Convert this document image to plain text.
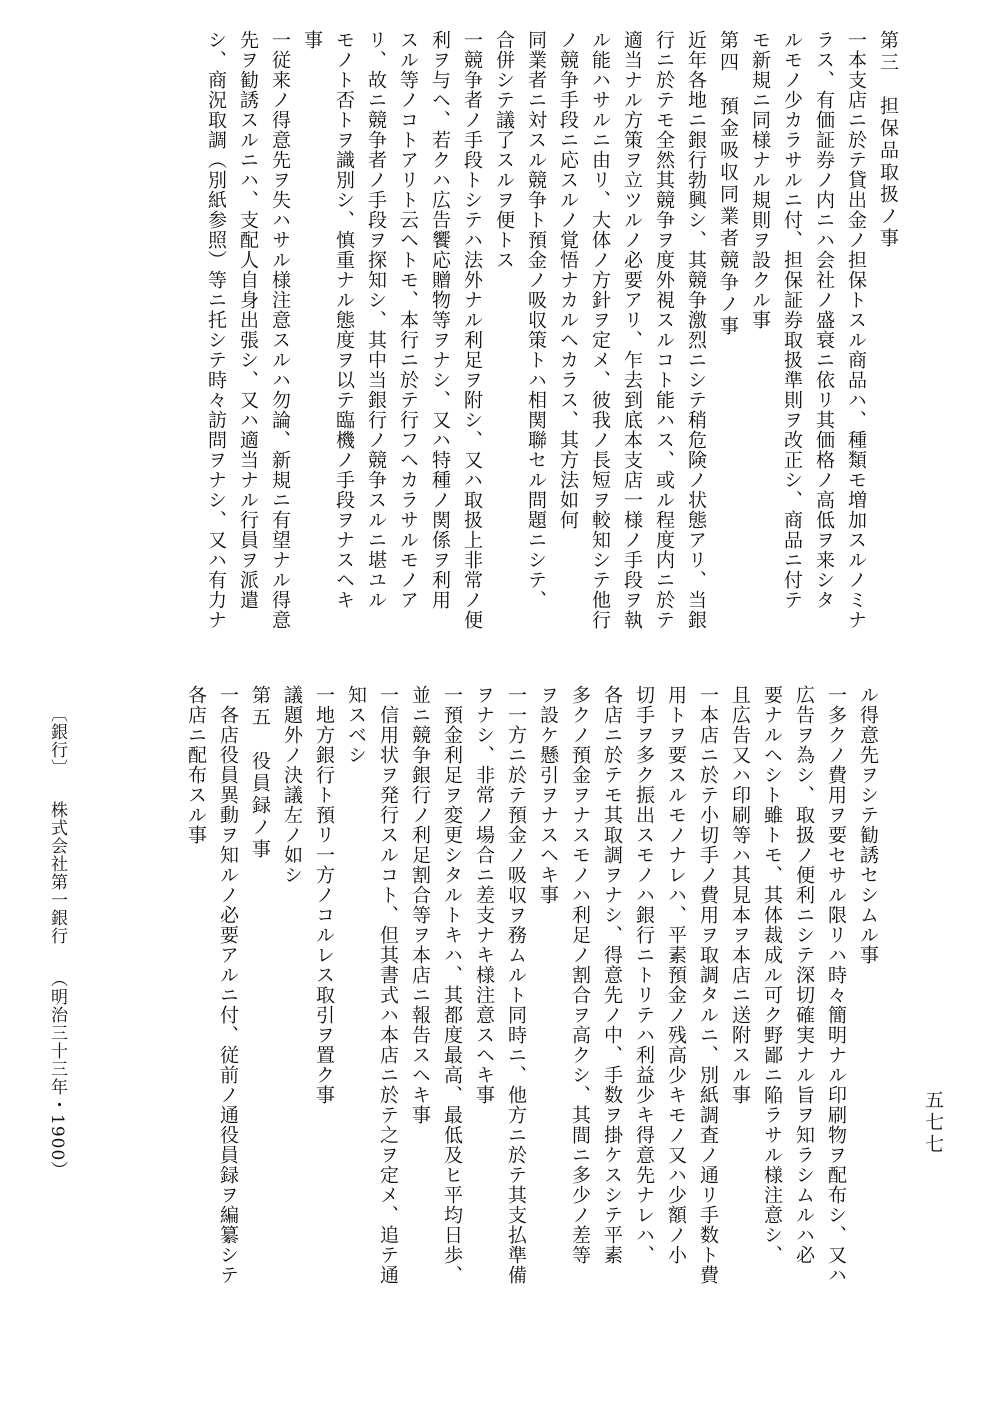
第三　担保品取扱ノ事
一本支店ニ於テ貸出金ノ担保トスル商品ハ、種類モ増加スルノミナ
ラス、有価証券ノ内ニハ会社ノ盛衰ニ依リ其価格ノ高低ヲ来シタ
ルモノ少カラサルニ付、担保証券取扱準則ヲ改正シ、商品ニ付テ
モ新規ニ同様ナル規則ヲ設クル事
第四　預金吸収同業者競争ノ事
近年各地ニ銀行勃興シ、其競争激烈ニシテ稍危険ノ状態アリ、当銀
行ニ於テモ全然其競争ヲ度外視スルコト能ハス、或ル程度内ニ於テ
適当ナル方策ヲ立ツルノ必要アリ、乍去到底本支店一様ノ手段ヲ執
ル能ハサルニ由リ、大体ノ方針ヲ定メ、彼我ノ長短ヲ較知シテ他行
ノ競争手段ニ応スルノ覚悟ナカルヘカラス、其方法如何
同業者ニ対スル競争ト預金ノ吸収策トハ相関聯セル問題ニシテ、
合併シテ議了スルヲ便トス
一競争者ノ手段トシテハ法外ナル利足ヲ附シ、又ハ取扱上非常ノ便
利ヲ与ヘ、若クハ広告饗応贈物等ヲナシ、又ハ特種ノ関係ヲ利用
スル等ノコトアリト云ヘトモ、本行ニ於テ行フヘカラサルモノア
リ、故ニ競争者ノ手段ヲ探知シ、其中当銀行ノ競争スルニ堪ユル
モノト否トヲ識別シ、慎重ナル態度ヲ以テ臨機ノ手段ヲナスヘキ
事
一従来ノ得意先ヲ失ハサル様注意スルハ勿論、新規ニ有望ナル得意
先ヲ勧誘スルニハ、支配人自身出張シ、又ハ適当ナル行員ヲ派遣
シ、商況取調（別紙参照）等ニ托シテ時々訪問ヲナシ、又ハ有力ナ
ル得意先ヲシテ勧誘セシムル事
一多クノ費用ヲ要セサル限リハ時々簡明ナル印刷物ヲ配布シ、又ハ
広告ヲ為シ、取扱ノ便利ニシテ深切確実ナル旨ヲ知ラシムルハ必
要ナルヘシト雖トモ、其体裁成ル可ク野鄙ニ陥ラサル様注意シ、
且広告又ハ印刷等ハ其見本ヲ本店ニ送附スル事
一本店ニ於テ小切手ノ費用ヲ取調タルニ、別紙調査ノ通リ手数ト費
用トヲ要スルモノナレハ、平素預金ノ残高少キモノ又ハ少額ノ小
切手ヲ多ク振出スモノハ銀行ニトリテハ利益少キ得意先ナレハ、
各店ニ於テモ其取調ヲナシ、得意先ノ中、手数ヲ掛ケスシテ平素
多クノ預金ヲナスモノハ利足ノ割合ヲ高クシ、其間ニ多少ノ差等
ヲ設ケ懸引ヲナスヘキ事
一一方ニ於テ預金ノ吸収ヲ務ムルト同時ニ、他方ニ於テ其支払準備
ヲナシ、非常ノ場合ニ差支ナキ様注意スヘキ事
一預金利足ヲ変更シタルトキハ、其都度最高、最低及ヒ平均日歩、
並ニ競争銀行ノ利足割合等ヲ本店ニ報告スヘキ事
一信用状ヲ発行スルコト、但其書式ハ本店ニ於テ之ヲ定メ、追テ通
知スベシ
一地方銀行ト預リ一方ノコルレス取引ヲ置ク事
議題外ノ決議左ノ如シ
第五　役員録ノ事
一各店役員異動ヲ知ルノ必要アルニ付、従前ノ通役員録ヲ編纂シテ
各店ニ配布スル事
〔銀行〕 株式会社第一銀行 （明治三十三年・1900）	五七七
